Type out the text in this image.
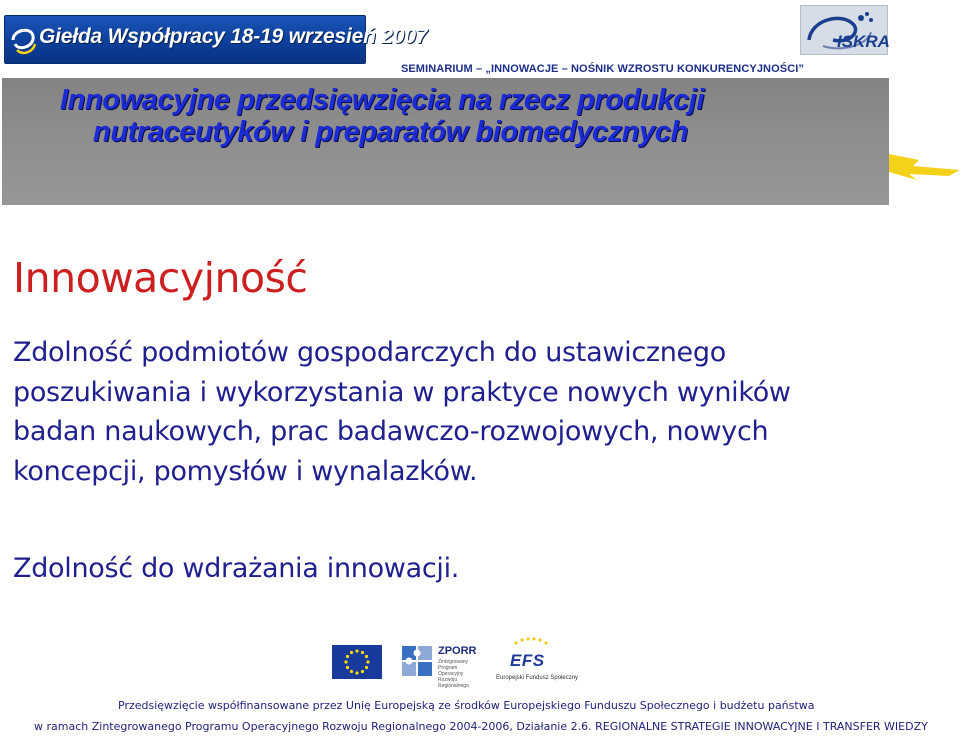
Giełda Współpracy 18-19 wrzesień 2007	ISKRA
SEMINARIUM – „INNOWACJE – NOŚNIK WZROSTU KONKURENCYJNOŚCI”
Innowacyjne przedsięwzięcia na rzecz produkcji
nutraceutyków i preparatów biomedycznych
Innowacyjność
Zdolność podmiotów gospodarczych do ustawicznego poszukiwania i wykorzystania w praktyce nowych wyników badan naukowych, prac badawczo-rozwojowych, nowych koncepcji, pomysłów i wynalazków.
Zdolność do wdrażania innowacji.
ZPORR
Zintegrowany Program Operacyjny Rozwoju Regionalnego
EFS
Europejski Fundusz Społeczny
Przedsięwzięcie współfinansowane przez Unię Europejską ze środków Europejskiego Funduszu Społecznego i budżetu państwa
w ramach Zintegrowanego Programu Operacyjnego Rozwoju Regionalnego 2004-2006, Działanie 2.6. REGIONALNE STRATEGIE INNOWACYJNE I TRANSFER WIEDZY
